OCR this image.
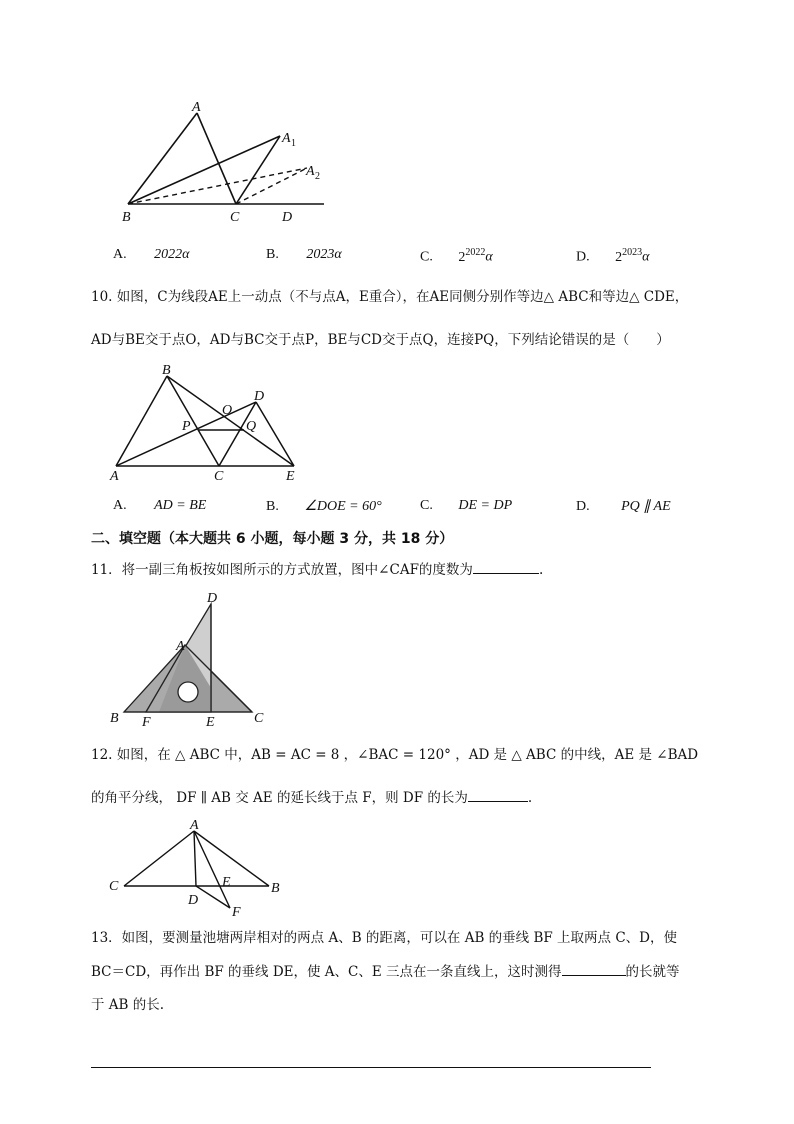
A
A 1
A 2
B	C	D
A. 2022α	B. 2023α	C. $2^{2022}\alpha$	D. $2^{2023}\alpha$
10. 如图，C为线段AE上一动点（不与点A，E重合），在AE同侧分别作等边△ ABC和等边△ CDE，
AD与BE交于点O，AD与BC交于点P，BE与CD交于点Q，连接PQ，下列结论错误的是（　　）
A
B
C
D
E
O
P	Q
A. AD = BE	B. ∠DOE = 60°	C. DE = DP	D. PQ ∥ AE
二、填空题（本大题共 6 小题，每小题 3 分，共 18 分）
11．将一副三角板按如图所示的方式放置，图中∠CAF的度数为	.
D
A
B F	E	C
12. 如图，在 △ ABC 中，AB = AC = 8 ，∠BAC = 120° ，AD 是 △ ABC 的中线，AE 是 ∠BAD
的角平分线， DF ∥ AB 交 AE 的延长线于点 F，则 DF 的长为	.
A
C	B
D
E
F
13．如图，要测量池塘两岸相对的两点 A、B 的距离，可以在 AB 的垂线 BF 上取两点 C、D，使
BC＝CD，再作出 BF 的垂线 DE，使 A、C、E 三点在一条直线上，这时测得	的长就等
于 AB 的长.
